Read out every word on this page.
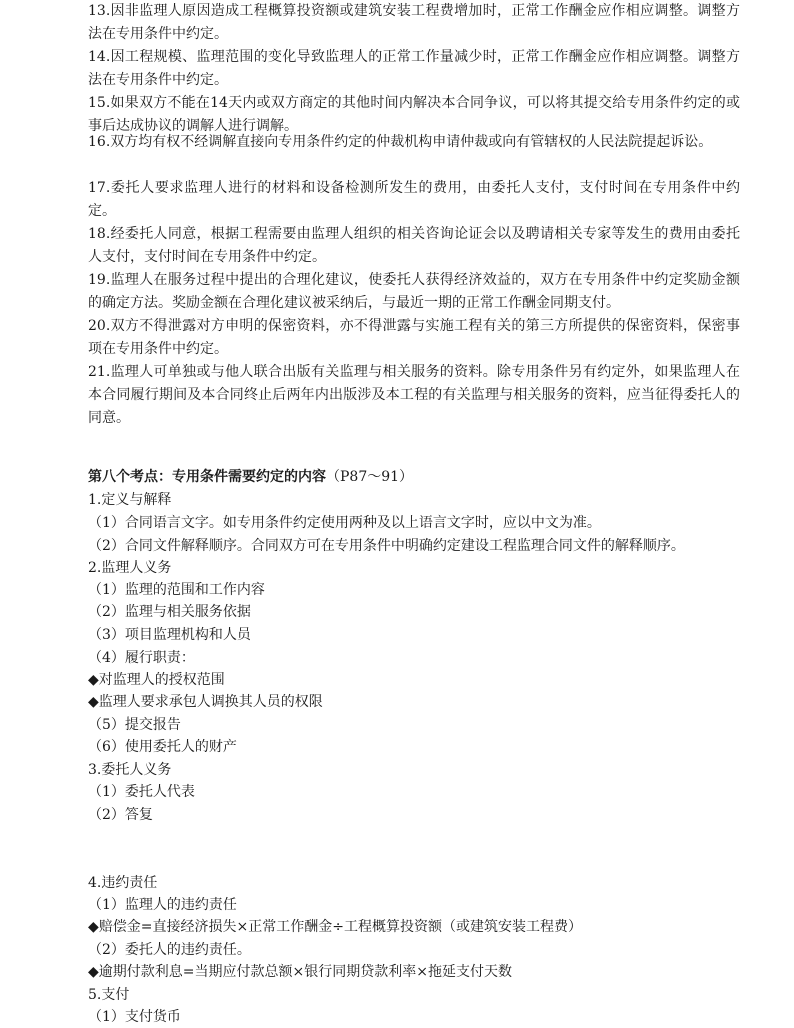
13.因非监理人原因造成工程概算投资额或建筑安装工程费增加时，正常工作酬金应作相应调整。调整方法在专用条件中约定。
14.因工程规模、监理范围的变化导致监理人的正常工作量减少时，正常工作酬金应作相应调整。调整方法在专用条件中约定。
15.如果双方不能在14天内或双方商定的其他时间内解决本合同争议，可以将其提交给专用条件约定的或事后达成协议的调解人进行调解。
16.双方均有权不经调解直接向专用条件约定的仲裁机构申请仲裁或向有管辖权的人民法院提起诉讼。
17.委托人要求监理人进行的材料和设备检测所发生的费用，由委托人支付，支付时间在专用条件中约定。
18.经委托人同意，根据工程需要由监理人组织的相关咨询论证会以及聘请相关专家等发生的费用由委托人支付，支付时间在专用条件中约定。
19.监理人在服务过程中提出的合理化建议，使委托人获得经济效益的，双方在专用条件中约定奖励金额的确定方法。奖励金额在合理化建议被采纳后，与最近一期的正常工作酬金同期支付。
20.双方不得泄露对方申明的保密资料，亦不得泄露与实施工程有关的第三方所提供的保密资料，保密事项在专用条件中约定。
21.监理人可单独或与他人联合出版有关监理与相关服务的资料。除专用条件另有约定外，如果监理人在本合同履行期间及本合同终止后两年内出版涉及本工程的有关监理与相关服务的资料，应当征得委托人的同意。
第八个考点：专用条件需要约定的内容（P87～91）
1.定义与解释
（1）合同语言文字。如专用条件约定使用两种及以上语言文字时，应以中文为准。
（2）合同文件解释顺序。合同双方可在专用条件中明确约定建设工程监理合同文件的解释顺序。
2.监理人义务
（1）监理的范围和工作内容
（2）监理与相关服务依据
（3）项目监理机构和人员
（4）履行职责：
◆对监理人的授权范围
◆监理人要求承包人调换其人员的权限
（5）提交报告
（6）使用委托人的财产
3.委托人义务
（1）委托人代表
（2）答复
4.违约责任
（1）监理人的违约责任
◆赔偿金=直接经济损失×正常工作酬金÷工程概算投资额（或建筑安装工程费）
（2）委托人的违约责任。
◆逾期付款利息=当期应付款总额×银行同期贷款利率×拖延支付天数
5.支付
（1）支付货币
